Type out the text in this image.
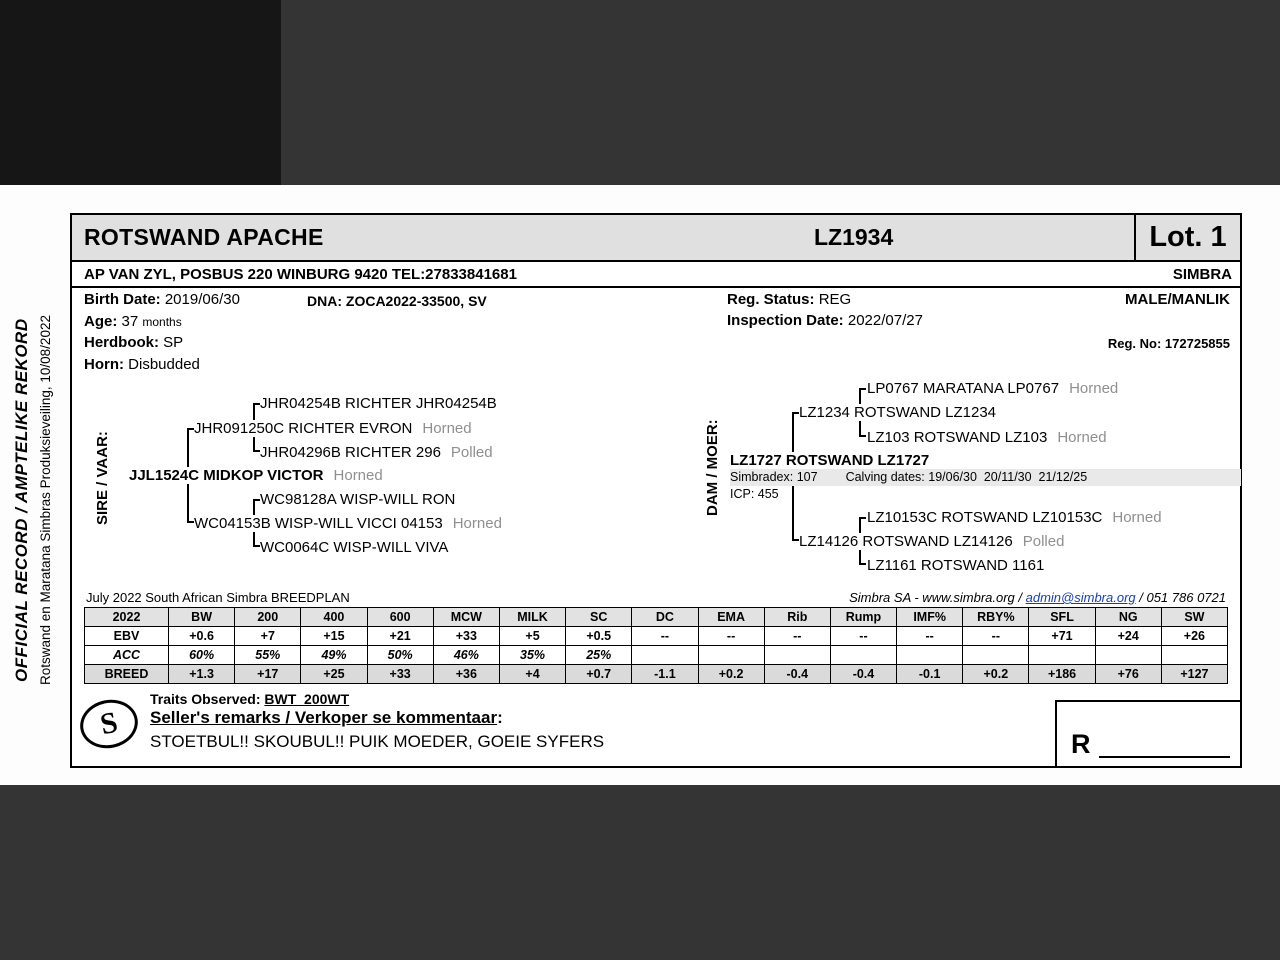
OFFICIAL RECORD / AMPTELIKE REKORD Rotswand en Maratana Simbras Produksieveiling, 10/08/2022
ROTSWAND APACHE	LZ1934	Lot. 1
AP VAN ZYL, POSBUS 220 WINBURG 9420 TEL:27833841681	SIMBRA
Birth Date: 2019/06/30	DNA: ZOCA2022-33500, SV
Age: 37 months
Herdbook: SP
Horn: Disbudded
Reg. Status: REG
Inspection Date: 2022/07/27
MALE/MANLIK
Reg. No: 172725855
SIRE / VAAR:
JHR04254B RICHTER JHR04254B
JHR091250C RICHTER EVRON Horned
JHR04296B RICHTER 296 Polled
JJL1524C MIDKOP VICTOR Horned
WC98128A WISP-WILL RON
WC04153B WISP-WILL VICCI 04153 Horned
WC0064C WISP-WILL VIVA
DAM / MOER:
LP0767 MARATANA LP0767 Horned
LZ1234 ROTSWAND LZ1234
LZ103 ROTSWAND LZ103 Horned
LZ1727 ROTSWAND LZ1727
Simbradex: 107 Calving dates: 19/06/30  20/11/30  21/12/25
ICP: 455
LZ10153C ROTSWAND LZ10153C Horned
LZ14126 ROTSWAND LZ14126 Polled
LZ1161 ROTSWAND 1161
July 2022 South African Simbra BREEDPLAN	Simbra SA - www.simbra.org / admin@simbra.org / 051 786 0721
2022	BW	200	400	600	MCW	MILK	SC	DC	EMA	Rib	Rump	IMF%	RBY%	SFL	NG	SW
EBV	+0.6	+7	+15	+21	+33	+5	+0.5	--	--	--	--	--	--	+71	+24	+26
ACC	60%	55%	49%	50%	46%	35%	25%									
BREED	+1.3	+17	+25	+33	+36	+4	+0.7	-1.1	+0.2	-0.4	-0.4	-0.1	+0.2	+186	+76	+127
S
Traits Observed: BWT  200WT
Seller's remarks / Verkoper se kommentaar:
STOETBUL!! SKOUBUL!! PUIK MOEDER, GOEIE SYFERS	R
